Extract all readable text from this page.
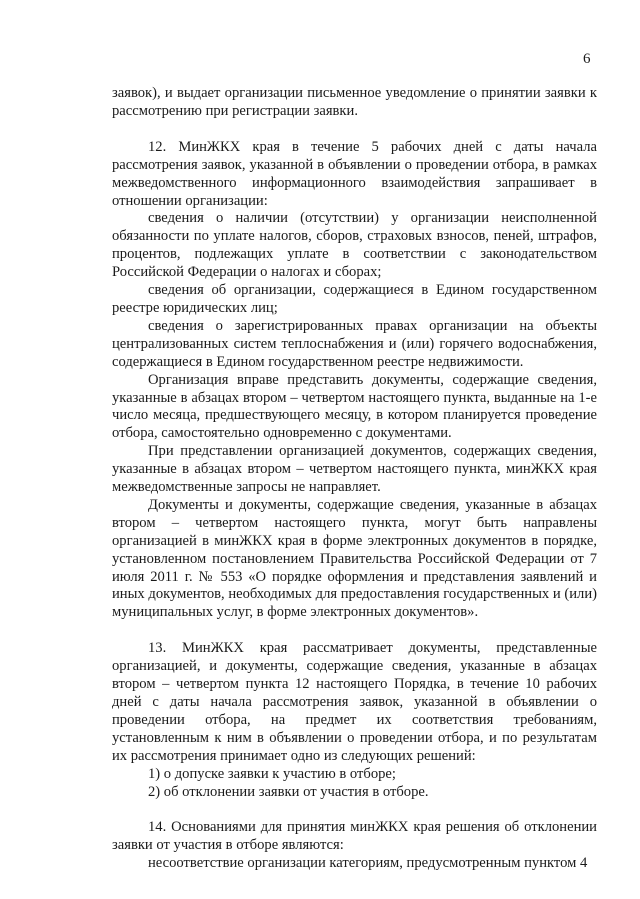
6

заявок), и выдает организации письменное уведомление о принятии заявки к рассмотрению при регистрации заявки.

12. МинЖКХ края в течение 5 рабочих дней с даты начала рассмотрения заявок, указанной в объявлении о проведении отбора, в рамках межведомственного информационного взаимодействия запрашивает в отношении организации:

сведения о наличии (отсутствии) у организации неисполненной обязанности по уплате налогов, сборов, страховых взносов, пеней, штрафов, процентов, подлежащих уплате в соответствии с законодательством Российской Федерации о налогах и сборах;

сведения об организации, содержащиеся в Едином государственном реестре юридических лиц;

сведения о зарегистрированных правах организации на объекты централизованных систем теплоснабжения и (или) горячего водоснабжения, содержащиеся в Едином государственном реестре недвижимости.

Организация вправе представить документы, содержащие сведения, указанные в абзацах втором – четвертом настоящего пункта, выданные на 1-е число месяца, предшествующего месяцу, в котором планируется проведение отбора, самостоятельно одновременно с документами.

При представлении организацией документов, содержащих сведения, указанные в абзацах втором – четвертом настоящего пункта, минЖКХ края межведомственные запросы не направляет.

Документы и документы, содержащие сведения, указанные в абзацах втором – четвертом настоящего пункта, могут быть направлены организацией в минЖКХ края в форме электронных документов в порядке, установленном постановлением Правительства Российской Федерации от 7 июля 2011 г. № 553 «О порядке оформления и представления заявлений и иных документов, необходимых для предоставления государственных и (или) муниципальных услуг, в форме электронных документов».

13. МинЖКХ края рассматривает документы, представленные организацией, и документы, содержащие сведения, указанные в абзацах втором – четвертом пункта 12 настоящего Порядка, в течение 10 рабочих дней с даты начала рассмотрения заявок, указанной в объявлении о проведении отбора, на предмет их соответствия требованиям, установленным к ним в объявлении о проведении отбора, и по результатам их рассмотрения принимает одно из следующих решений:

1) о допуске заявки к участию в отборе;

2) об отклонении заявки от участия в отборе.

14. Основаниями для принятия минЖКХ края решения об отклонении заявки от участия в отборе являются:

несоответствие организации категориям, предусмотренным пунктом 4
